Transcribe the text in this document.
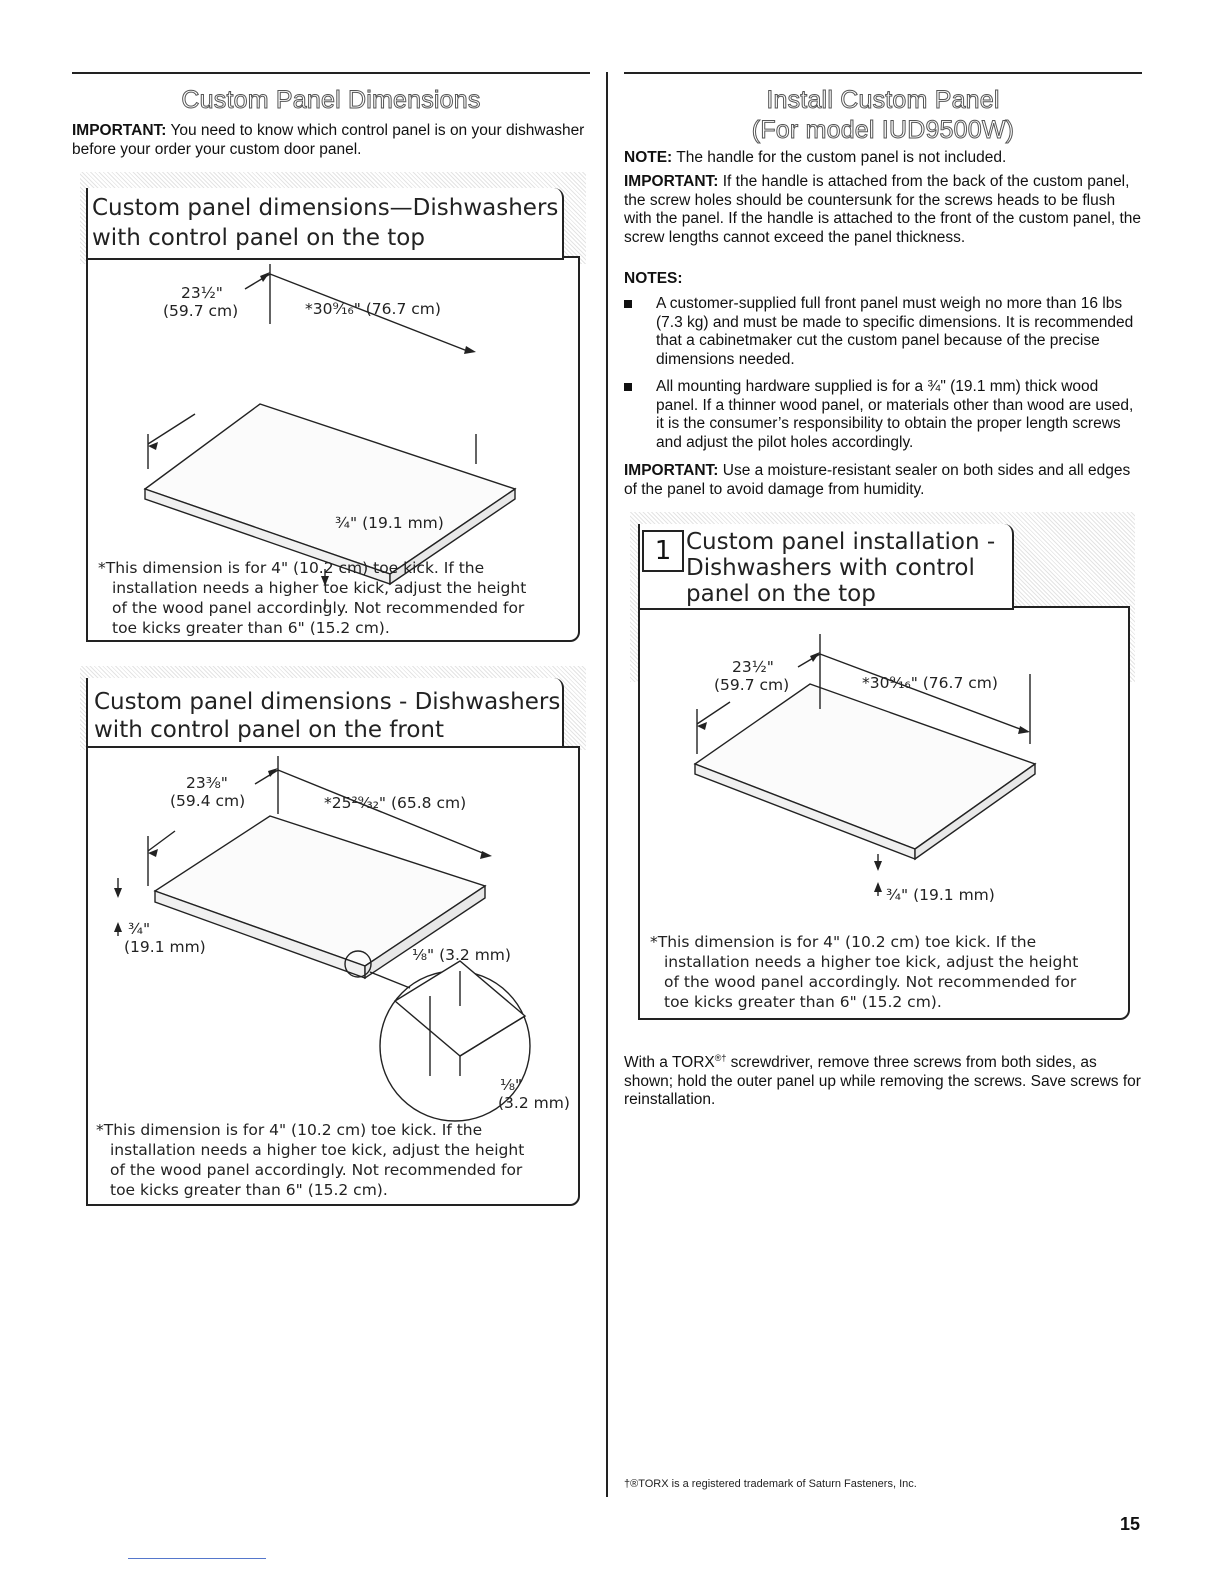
Custom Panel Dimensions
IMPORTANT: You need to know which control panel is on your dishwasher before your order your custom door panel.
Custom panel dimensions—Dishwashers
with control panel on the top
23½"
(59.7 cm)	*30⁹⁄₁₆" (76.7 cm)
¾" (19.1 mm)
*This dimension is for 4" (10.2 cm) toe kick. If the
installation needs a higher toe kick, adjust the height
of the wood panel accordingly. Not recommended for
toe kicks greater than 6" (15.2 cm).
Custom panel dimensions - Dishwashers
with control panel on the front
23⅜"
(59.4 cm)	*25²⁹⁄₃₂" (65.8 cm)
¾"
(19.1 mm)	⅛" (3.2 mm)
⅛"
(3.2 mm)
*This dimension is for 4" (10.2 cm) toe kick. If the
installation needs a higher toe kick, adjust the height
of the wood panel accordingly. Not recommended for
toe kicks greater than 6" (15.2 cm).
Install Custom Panel
(For model IUD9500W)
NOTE: The handle for the custom panel is not included.
IMPORTANT: If the handle is attached from the back of the custom panel, the screw holes should be countersunk for the screws heads to be flush with the panel. If the handle is attached to the front of the custom panel, the screw lengths cannot exceed the panel thickness.
NOTES:
A customer-supplied full front panel must weigh no more than 16 lbs (7.3 kg) and must be made to specific dimensions. It is recommended that a cabinetmaker cut the custom panel because of the precise dimensions needed.
All mounting hardware supplied is for a ¾" (19.1 mm) thick wood panel. If a thinner wood panel, or materials other than wood are used, it is the consumer’s responsibility to obtain the proper length screws and adjust the pilot holes accordingly.
IMPORTANT: Use a moisture-resistant sealer on both sides and all edges of the panel to avoid damage from humidity.
1 Custom panel installation -
Dishwashers with control
panel on the top
23½"
(59.7 cm)	*30⁹⁄₁₆" (76.7 cm)
¾" (19.1 mm)
*This dimension is for 4" (10.2 cm) toe kick. If the
installation needs a higher toe kick, adjust the height
of the wood panel accordingly. Not recommended for
toe kicks greater than 6" (15.2 cm).
With a TORX®† screwdriver, remove three screws from both sides, as shown; hold the outer panel up while removing the screws. Save screws for reinstallation.
†®TORX is a registered trademark of Saturn Fasteners, Inc.
15
